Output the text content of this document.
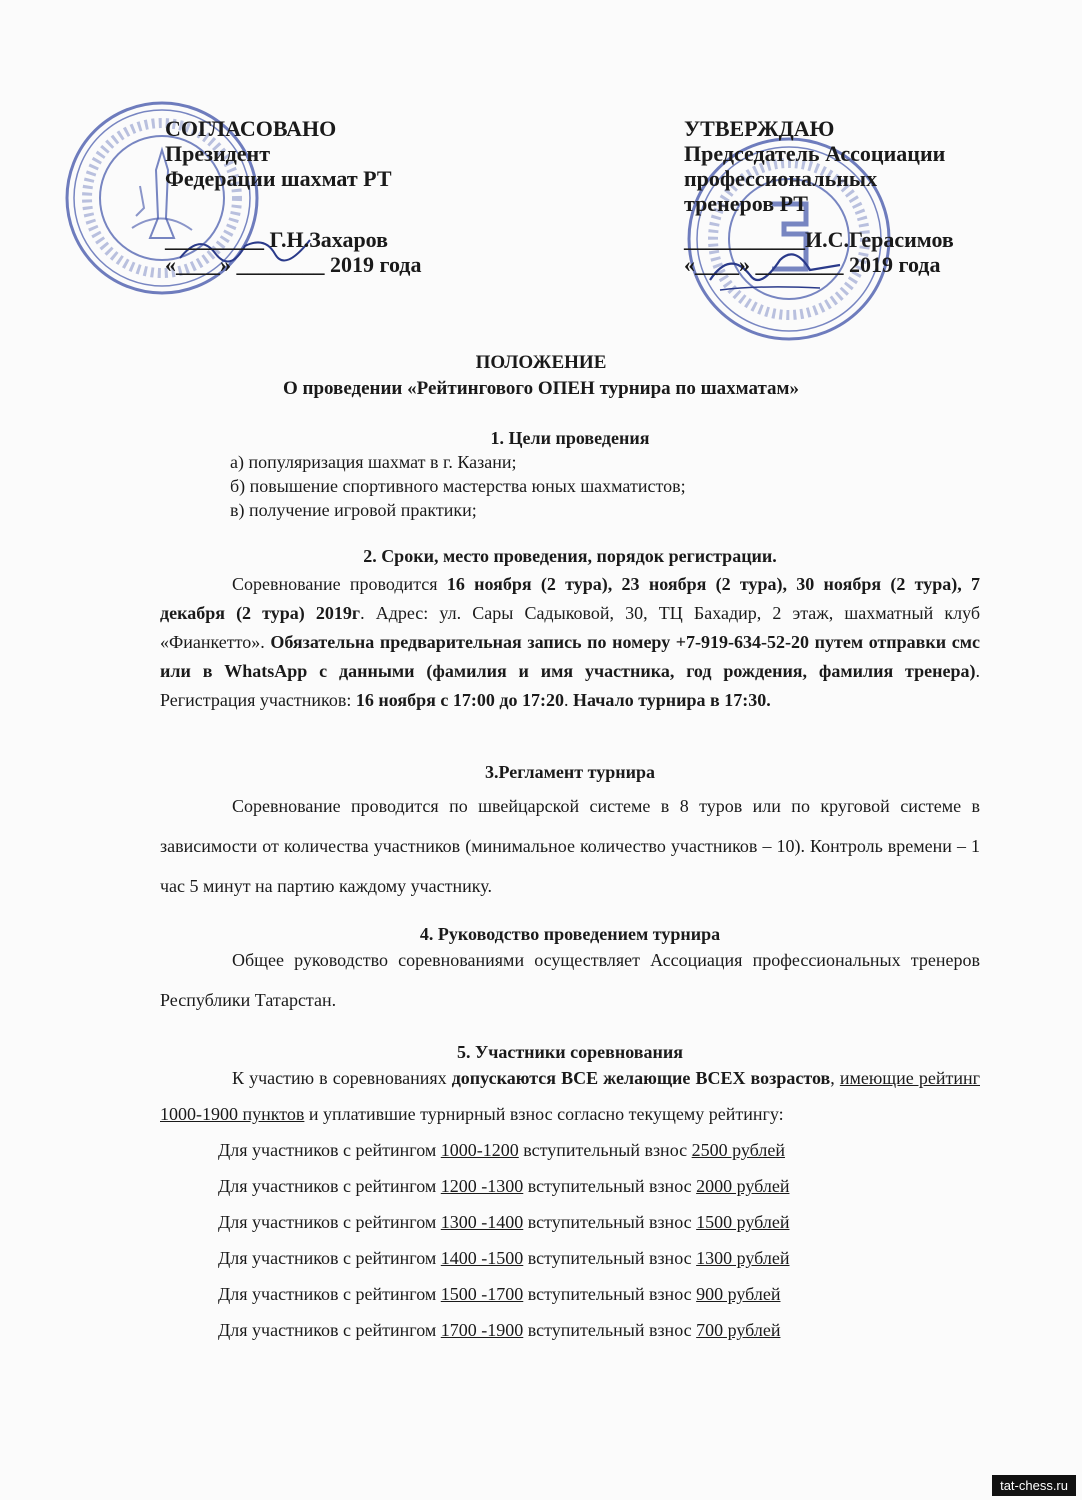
СОГЛАСОВАНО
Президент
Федерации шахмат РТ
_________ Г.Н.Захаров
«____» ________ 2019 года
УТВЕРЖДАЮ
Председатель Ассоциации
профессиональных
тренеров РТ
___________И.С.Герасимов
«____» ________ 2019 года
ПОЛОЖЕНИЕ
О проведении «Рейтингового ОПЕН турнира по шахматам»
1. Цели проведения
а) популяризация шахмат в г. Казани;
б) повышение спортивного мастерства юных шахматистов;
в) получение игровой практики;
2. Сроки, место проведения, порядок регистрации.
Соревнование проводится 16 ноября (2 тура), 23 ноября (2 тура), 30 ноября (2 тура), 7 декабря (2 тура) 2019г. Адрес: ул. Сары Садыковой, 30, ТЦ Бахадир, 2 этаж, шахматный клуб «Фианкетто». Обязательна предварительная запись по номеру +7-919-634-52-20 путем отправки смс или в WhatsApp с данными (фамилия и имя участника, год рождения, фамилия тренера). Регистрация участников: 16 ноября с 17:00 до 17:20. Начало турнира в 17:30.
3.Регламент турнира
Соревнование проводится по швейцарской системе в 8 туров или по круговой системе в зависимости от количества участников (минимальное количество участников – 10). Контроль времени – 1 час 5 минут на партию каждому участнику.
4. Руководство проведением турнира
Общее руководство соревнованиями осуществляет Ассоциация профессиональных тренеров Республики Татарстан.
5. Участники соревнования
К участию в соревнованиях допускаются ВСЕ желающие ВСЕХ возрастов, имеющие рейтинг 1000-1900 пунктов и уплатившие турнирный взнос согласно текущему рейтингу:
Для участников с рейтингом 1000-1200 вступительный взнос 2500 рублей
Для участников с рейтингом 1200 -1300 вступительный взнос 2000 рублей
Для участников с рейтингом 1300 -1400 вступительный взнос 1500 рублей
Для участников с рейтингом 1400 -1500 вступительный взнос 1300 рублей
Для участников с рейтингом 1500 -1700 вступительный взнос 900 рублей
Для участников с рейтингом 1700 -1900 вступительный взнос 700 рублей
tat-chess.ru
